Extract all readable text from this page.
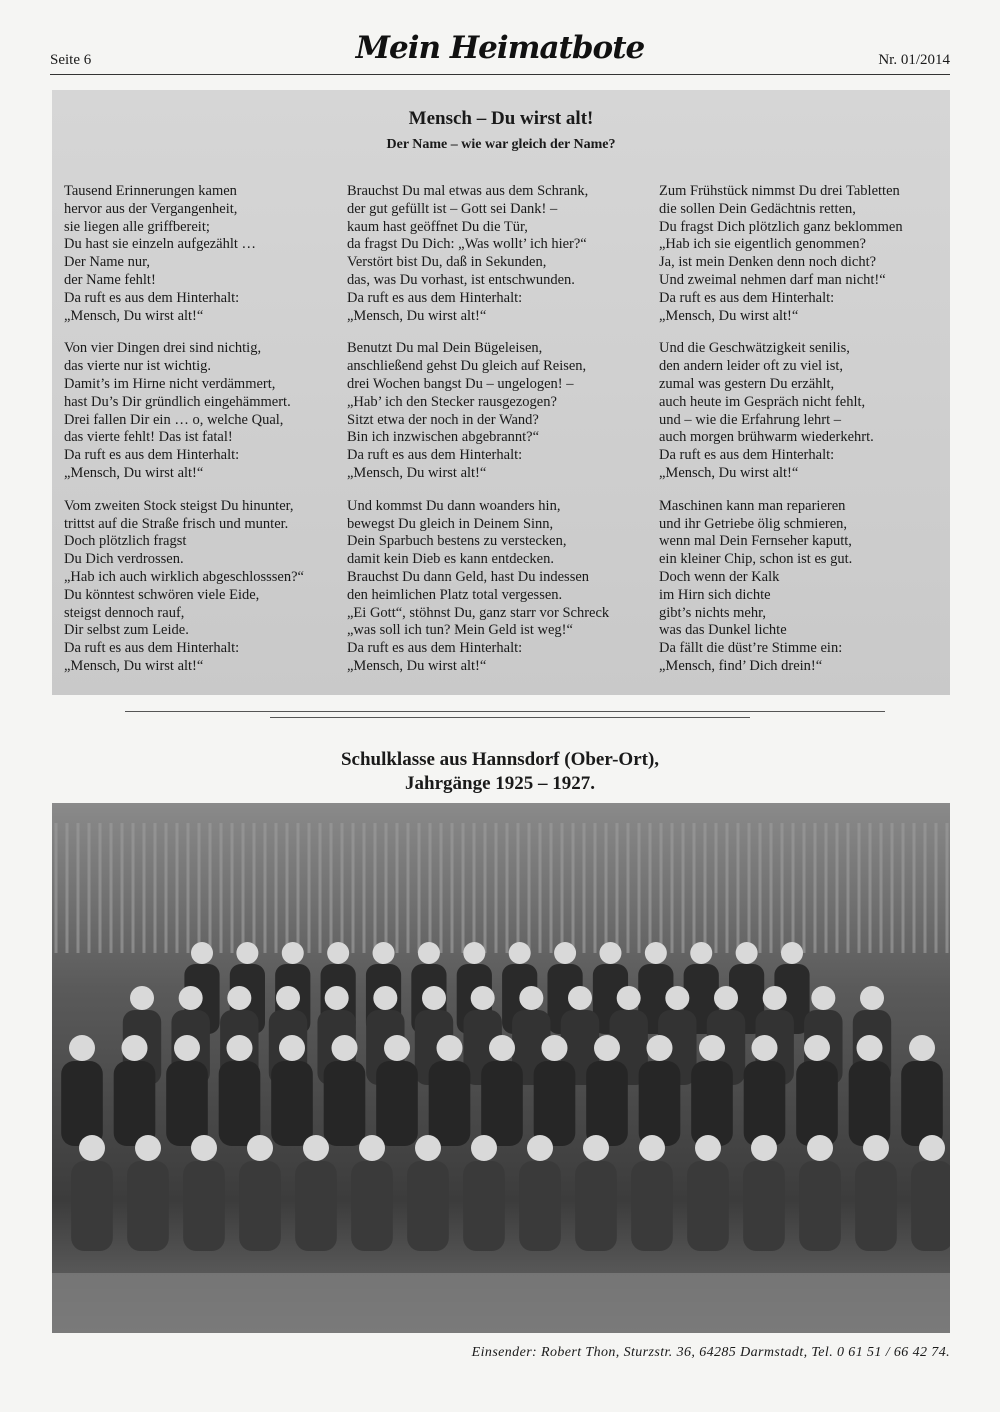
Seite 6	Mein Heimatbote	Nr. 01/2014
Mensch – Du wirst alt!
Der Name – wie war gleich der Name?
Tausend Erinnerungen kamen
hervor aus der Vergangenheit,
sie liegen alle griffbereit;
Du hast sie einzeln aufgezählt …
Der Name nur,
der Name fehlt!
Da ruft es aus dem Hinterhalt:
„Mensch, Du wirst alt!“
Von vier Dingen drei sind nichtig,
das vierte nur ist wichtig.
Damit’s im Hirne nicht verdämmert,
hast Du’s Dir gründlich eingehämmert.
Drei fallen Dir ein … o, welche Qual,
das vierte fehlt! Das ist fatal!
Da ruft es aus dem Hinterhalt:
„Mensch, Du wirst alt!“
Vom zweiten Stock steigst Du hinunter,
trittst auf die Straße frisch und munter.
Doch plötzlich fragst
Du Dich verdrossen.
„Hab ich auch wirklich abgeschlosssen?“
Du könntest schwören viele Eide,
steigst dennoch rauf,
Dir selbst zum Leide.
Da ruft es aus dem Hinterhalt:
„Mensch, Du wirst alt!“
Brauchst Du mal etwas aus dem Schrank,
der gut gefüllt ist – Gott sei Dank! –
kaum hast geöffnet Du die Tür,
da fragst Du Dich: „Was wollt’ ich hier?“
Verstört bist Du, daß in Sekunden,
das, was Du vorhast, ist entschwunden.
Da ruft es aus dem Hinterhalt:
„Mensch, Du wirst alt!“
Benutzt Du mal Dein Bügeleisen,
anschließend gehst Du gleich auf Reisen,
drei Wochen bangst Du – ungelogen! –
„Hab’ ich den Stecker rausgezogen?
Sitzt etwa der noch in der Wand?
Bin ich inzwischen abgebrannt?“
Da ruft es aus dem Hinterhalt:
„Mensch, Du wirst alt!“
Und kommst Du dann woanders hin,
bewegst Du gleich in Deinem Sinn,
Dein Sparbuch bestens zu verstecken,
damit kein Dieb es kann entdecken.
Brauchst Du dann Geld, hast Du indessen
den heimlichen Platz total vergessen.
„Ei Gott“, stöhnst Du, ganz starr vor Schreck
„was soll ich tun? Mein Geld ist weg!“
Da ruft es aus dem Hinterhalt:
„Mensch, Du wirst alt!“
Zum Frühstück nimmst Du drei Tabletten
die sollen Dein Gedächtnis retten,
Du fragst Dich plötzlich ganz beklommen
„Hab ich sie eigentlich genommen?
Ja, ist mein Denken denn noch dicht?
Und zweimal nehmen darf man nicht!“
Da ruft es aus dem Hinterhalt:
„Mensch, Du wirst alt!“
Und die Geschwätzigkeit senilis,
den andern leider oft zu viel ist,
zumal was gestern Du erzählt,
auch heute im Gespräch nicht fehlt,
und – wie die Erfahrung lehrt –
auch morgen brühwarm wiederkehrt.
Da ruft es aus dem Hinterhalt:
„Mensch, Du wirst alt!“
Maschinen kann man reparieren
und ihr Getriebe ölig schmieren,
wenn mal Dein Fernseher kaputt,
ein kleiner Chip, schon ist es gut.
Doch wenn der Kalk
im Hirn sich dichte
gibt’s nichts mehr,
was das Dunkel lichte
Da fällt die düst’re Stimme ein:
„Mensch, find’ Dich drein!“
Schulklasse aus Hannsdorf (Ober-Ort),
Jahrgänge 1925 – 1927.
Einsender: Robert Thon, Sturzstr. 36, 64285 Darmstadt, Tel. 0 61 51 / 66 42 74.
